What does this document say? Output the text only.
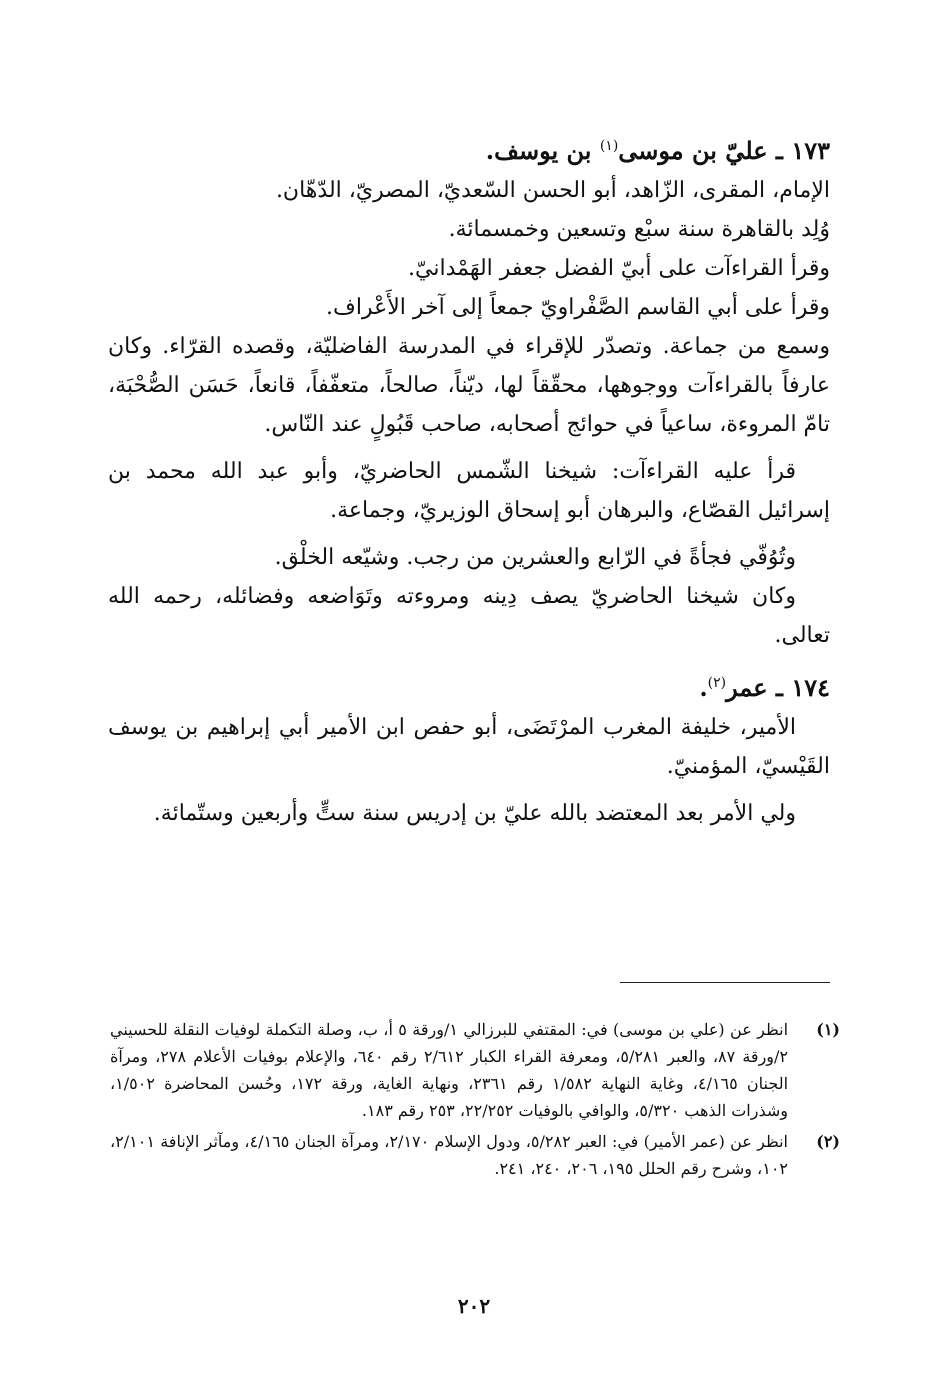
١٧٣ ـ عليّ بن موسى$^{(١)}$ بن يوسف.

الإمام، المقرى، الزّاهد، أبو الحسن السّعديّ، المصريّ، الدّهّان.

وُلِد بالقاهرة سنة سبْع وتسعين وخمسمائة.

وقرأ القراءآت على أبيّ الفضل جعفر الهَمْدانيّ.

وقرأ على أبي القاسم الصَّفْراويّ جمعاً إلى آخر الأَعْراف.

وسمع من جماعة. وتصدّر للإقراء في المدرسة الفاضليّة، وقصده القرّاء. وكان عارفاً بالقراءآت ووجوهها، محقّقاً لها، ديّناً، صالحاً، متعفّفاً، قانعاً، حَسَن الصُّحْبَة، تامّ المروءة، ساعياً في حوائج أصحابه، صاحب قَبُولٍ عند النّاس.

قرأ عليه القراءآت: شيخنا الشّمس الحاضريّ، وأبو عبد الله محمد بن إسرائيل القصّاع، والبرهان أبو إسحاق الوزيريّ، وجماعة.

وتُوُفّي فجأةً في الرّابع والعشرين من رجب. وشيّعه الخلْق.

وكان شيخنا الحاضريّ يصف دِينه ومروءته وتَوَاضعه وفضائله، رحمه الله تعالى.

١٧٤ ـ عمر$^{(٢)}$.

الأمير، خليفة المغرب المرْتَضَى، أبو حفص ابن الأمير أبي إبراهيم بن يوسف القَيْسيّ، المؤمنيّ.

ولي الأمر بعد المعتضد بالله عليّ بن إدريس سنة ستٍّ وأربعين وستّمائة.

(١)
انظر عن (علي بن موسى) في: المقتفي للبرزالي ١/ورقة ٥ أ، ب، وصلة التكملة لوفيات النقلة للحسيني ٢/ورقة ٨٧، والعبر ٥/٢٨١، ومعرفة القراء الكبار ٢/٦١٢ رقم ٦٤٠، والإعلام بوفيات الأعلام ٢٧٨، ومرآة الجنان ٤/١٦٥، وغاية النهاية ١/٥٨٢ رقم ٢٣٦١، ونهاية الغاية، ورقة ١٧٢، وحُسن المحاضرة ١/٥٠٢، وشذرات الذهب ٥/٣٢٠، والوافي بالوفيات ٢٢/٢٥٢، ٢٥٣ رقم ١٨٣.
(٢)
انظر عن (عمر الأمير) في: العبر ٥/٢٨٢، ودول الإسلام ٢/١٧٠، ومرآة الجنان ٤/١٦٥، ومآثر الإنافة ٢/١٠١، ١٠٢، وشرح رقم الحلل ١٩٥، ٢٠٦، ٢٤٠، ٢٤١.
٢٠٢
